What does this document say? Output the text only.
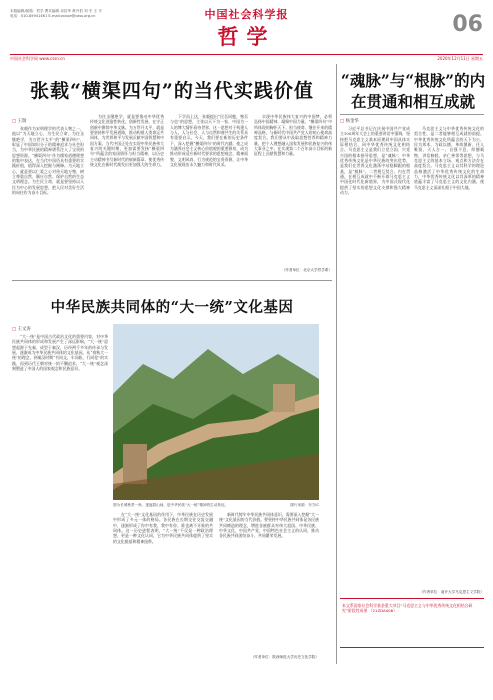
本版编辑/邮箱：哲学 曹术编辑 卓若华 黄丹伯 刘 冬 王 平
电话：010-85941461 E-mail:zxxue@cass.org.cn	中国社会科学报
哲学	06
中国社会科学网 www.cssn.cn	2020年12月11日 星期五
张载“横渠四句”的当代实践价值
□ 王瑞
张载作为宋明理学的代表人物之一，他以“为天地立心，为生民立命，为往圣继绝学，为万世开太平”的“横渠四句”，彰显了中国知识分子的精神追求与社会担当，为中华民族的精神谱系注入了宝贵的思想资源。“横渠四句”作为儒家道德理想的集中表达，在当代中国仍具有重要的实践价值，值得深入挖掘与阐释。为天地立心，就是要以仁爱之心对待天地万物，树立尊重自然、顺应自然、保护自然的生态文明理念。为生民立命，就是要坚持以人民为中心的发展思想，把人民对美好生活的向往作为奋斗目标。
为往圣继绝学，就是要推动中华优秀传统文化创造性转化、创新性发展，在守正创新中赓续中华文脉。为万世开太平，就是要坚持和平发展道路，推动构建人类命运共同体，为世界和平与发展贡献中国智慧和中国方案。当代中国正处在实现中华民族伟大复兴的关键时期，更加需要发扬“横渠四句”所蕴含的家国情怀与担当精神，以历史主动精神书写新时代的崭新篇章，使优秀传统文化在新时代焕发出更加强大的生命力。
下学而上达，张载提出“民吾同胞，物吾与也”的思想，主张以天下为一家、中国为一人的博大情怀看待世界，这一思想对于构建人与人、人与社会、人与自然和谐共生的关系具有重要启示。今天，我们要在新的历史条件下，深入挖掘“横渠四句”的时代内涵，使之成为涵养社会主义核心价值观的重要源泉，成为推动形成适应新时代要求的思想观念、精神面貌、文明风尚、行为规范的宝贵资源，让中华文化展现出永久魅力和时代风采。
实现中华民族伟大复兴的中国梦，必须弘扬中国精神、凝聚中国力量。“横渠四句”中所体现的胸怀天下、担当使命、继往开来的精神品格，与新时代中国共产党人的初心使命高度契合。我们要从中汲取思想营养和精神力量，把个人理想融入国家发展和民族复兴的伟大事业之中，在实现第二个百年奋斗目标的新征程上贡献智慧和力量。
（作者单位：北京大学哲学系）
“魂脉”与“根脉”的内在贯通和相互成就
□ 杨金华
习近平总书记在庆祝中国共产党成立100周年大会上的重要讲话中强调，坚持把马克思主义基本原理同中国具体实际相结合、同中华优秀传统文化相结合。马克思主义是我们立党立国、兴党兴国的根本指导思想，是“魂脉”；中华优秀传统文化是中华民族的突出优势，是我们在世界文化激荡中站稳脚跟的根基，是“根脉”。二者相互契合、内在贯通，在相互成就中不断开辟马克思主义中国化时代化新境界，为中国式现代化提供了坚实的思想文化支撑和强大精神动力。
马克思主义与中华优秀传统文化的契合性，是二者能够相互成就的前提。中华优秀传统文化所蕴含的天下为公、民为邦本、为政以德、革故鼎新、任人唯贤、天人合一、自强不息、厚德载物、讲信修睦、亲仁善邻等思想，与马克思主义的基本立场、观点和方法存在高度契合。马克思主义以其科学的理论品格激活了中华优秀传统文化的生命力，中华优秀传统文化以其深厚的精神底蕴丰富了马克思主义的文化内涵，使马克思主义深深扎根于中国大地。
（作者单位：南开大学马克思主义学院）
本文系国家社会科学基金重大项目“马克思主义与中华优秀传统文化相结合研究”阶段性成果 （21ZDA006）
中华民族共同体的“大一统”文化基因
□ 王文涛
“大一统”是中国古代政治文化的重要内容，对中华民族共同体的形成和发展产生了深远影响。“大一统”思想起源于先秦，成型于秦汉，历经两千多年的传承与发展，逐渐成为中华民族共同体的文化基因。从“春秋大一统”的理念，到秦汉时期“书同文、车同轨、行同伦”的实践，再到历代王朝对统一的不懈追求，“大一统”观念深刻塑造了中国人的国家观念和民族意识。
图为长城秋景一角，逶迤群山间，是中华民族“大一统”精神的生动象征。	图片来源：东方IC
在“大一统”文化基因的作用下，中华民族在历史发展中形成了多元一体的格局。各民族在长期交往交流交融中，逐渐形成了你中有我、我中有你、谁也离不开谁的共同体。这一历史进程表明，“大一统”不仅是一种政治理想，更是一种文化认同，它为中华民族共同体提供了坚实的文化根基和精神纽带。
新时代铸牢中华民族共同体意识，需要深入挖掘“大一统”文化基因的当代价值。要坚持中华民族共同体是各民族共同缔造的理念，增进各族群众对伟大祖国、中华民族、中华文化、中国共产党、中国特色社会主义的认同，推动各民族共同团结奋斗、共同繁荣发展。
（作者单位：陕西师范大学历史文化学院）
